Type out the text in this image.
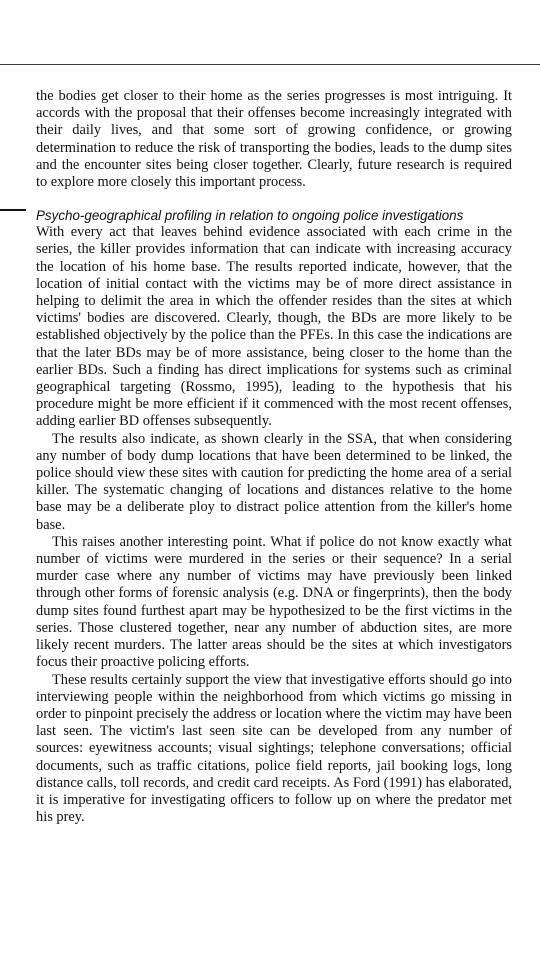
the bodies get closer to their home as the series progresses is most intriguing. It accords with the proposal that their offenses become increasingly integrated with their daily lives, and that some sort of growing confidence, or growing determination to reduce the risk of transporting the bodies, leads to the dump sites and the encounter sites being closer together. Clearly, future research is required to explore more closely this important process.

Psycho-geographical profiling in relation to ongoing police investigations

With every act that leaves behind evidence associated with each crime in the series, the killer provides information that can indicate with increasing accuracy the location of his home base. The results reported indicate, however, that the location of initial contact with the victims may be of more direct assistance in helping to delimit the area in which the offender resides than the sites at which victims' bodies are discovered. Clearly, though, the BDs are more likely to be established objectively by the police than the PFEs. In this case the indications are that the later BDs may be of more assistance, being closer to the home than the earlier BDs. Such a finding has direct implications for systems such as criminal geographical targeting (Rossmo, 1995), leading to the hypothesis that his procedure might be more efficient if it commenced with the most recent offenses, adding earlier BD offenses subsequently.

The results also indicate, as shown clearly in the SSA, that when considering any number of body dump locations that have been determined to be linked, the police should view these sites with caution for predicting the home area of a serial killer. The systematic changing of locations and distances relative to the home base may be a deliberate ploy to distract police attention from the killer's home base.

This raises another interesting point. What if police do not know exactly what number of victims were murdered in the series or their sequence? In a serial murder case where any number of victims may have previously been linked through other forms of forensic analysis (e.g. DNA or fingerprints), then the body dump sites found furthest apart may be hypothesized to be the first victims in the series. Those clustered together, near any number of abduction sites, are more likely recent murders. The latter areas should be the sites at which investigators focus their proactive policing efforts.

These results certainly support the view that investigative efforts should go into interviewing people within the neighborhood from which victims go missing in order to pinpoint precisely the address or location where the victim may have been last seen. The victim's last seen site can be developed from any number of sources: eyewitness accounts; visual sightings; telephone conversations; official documents, such as traffic citations, police field reports, jail booking logs, long distance calls, toll records, and credit card receipts. As Ford (1991) has elaborated, it is imperative for investigating officers to follow up on where the predator met his prey.
